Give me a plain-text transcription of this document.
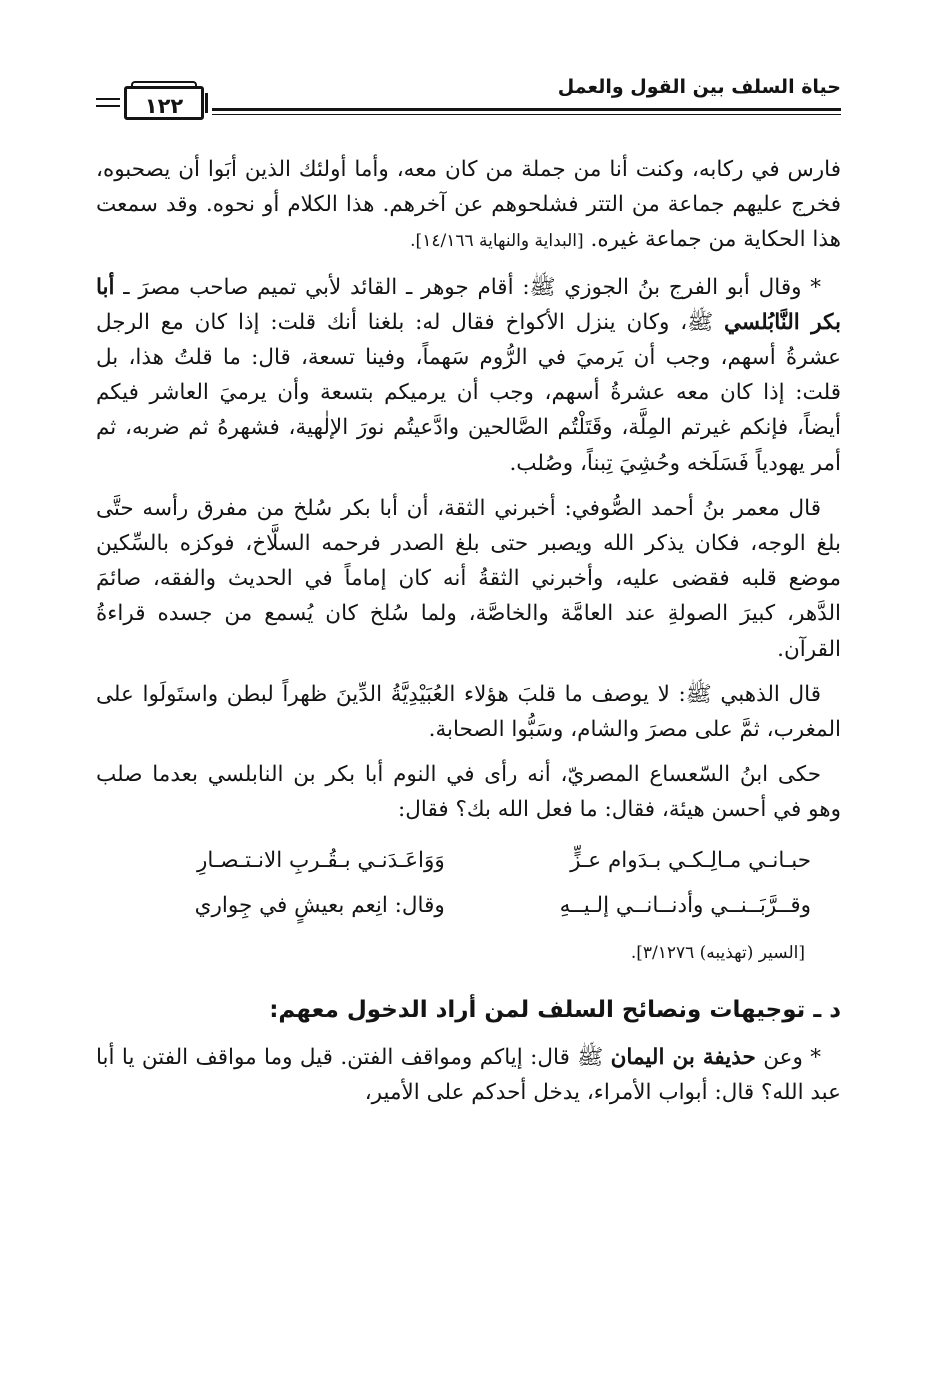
حياة السلف بين القول والعمل
١٢٢

فارس في ركابه، وكنت أنا من جملة من كان معه، وأما أولئك الذين أبَوا أن يصحبوه، فخرج عليهم جماعة من التتر فشلحوهم عن آخرهم. هذا الكلام أو نحوه. وقد سمعت هذا الحكاية من جماعة غيره. [البداية والنهاية ١٤/١٦٦].

* وقال أبو الفرج بنُ الجوزي ﷺ: أقام جوهر ـ القائد لأبي تميم صاحب مصرَ ـ أبا بكر النَّابُلسي ﷺ، وكان ينزل الأكواخ فقال له: بلغنا أنك قلت: إذا كان مع الرجل عشرةُ أسهم، وجب أن يَرميَ في الرُّوم سَهماً، وفينا تسعة، قال: ما قلتُ هذا، بل قلت: إذا كان معه عشرةُ أسهم، وجب أن يرميكم بتسعة وأن يرميَ العاشر فيكم أيضاً، فإنكم غيرتم المِلَّة، وقَتَلْتُم الصَّالحين وادَّعيتُم نورَ الإلٰهية، فشهرهُ ثم ضربه، ثم أمر يهودياً فَسَلَخه وحُشِيَ تِبناً، وصُلب.

قال معمر بنُ أحمد الصُّوفي: أخبرني الثقة، أن أبا بكر سُلخ من مفرق رأسه حتَّى بلغ الوجه، فكان يذكر الله ويصبر حتى بلغ الصدر فرحمه السلَّاخ، فوكزه بالسِّكين موضع قلبه فقضى عليه، وأخبرني الثقةُ أنه كان إماماً في الحديث والفقه، صائمَ الدَّهر، كبيرَ الصولةِ عند العامَّة والخاصَّة، ولما سُلخ كان يُسمع من جسده قراءةُ القرآن.

قال الذهبي ﷺ: لا يوصف ما قلبَ هؤلاء العُبَيْدِيَّةُ الدِّينَ ظهراً لبطن واستَولَوا على المغرب، ثمَّ على مصرَ والشام، وسَبُّوا الصحابة.

حكى ابنُ السّعساع المصريّ، أنه رأى في النوم أبا بكر بن النابلسي بعدما صلب وهو في أحسن هيئة، فقال: ما فعل الله بك؟ فقال:

حبـانـي مـالِـكـي بـدَوام عـزٍّ
وَوَاعَـدَنـي بـقُـربِ الانـتـصـارِ
وقــرَّبَــنــي وأدنــانــي إلـيــهِ
وقال: انِعم بعيشٍ في جِواري

[السير (تهذيبه) ٣/١٢٧٦].

د ـ توجيهات ونصائح السلف لمن أراد الدخول معهم:

* وعن حذيفة بن اليمان ﷺ قال: إياكم ومواقف الفتن. قيل وما مواقف الفتن يا أبا عبد الله؟ قال: أبواب الأمراء، يدخل أحدكم على الأمير،
